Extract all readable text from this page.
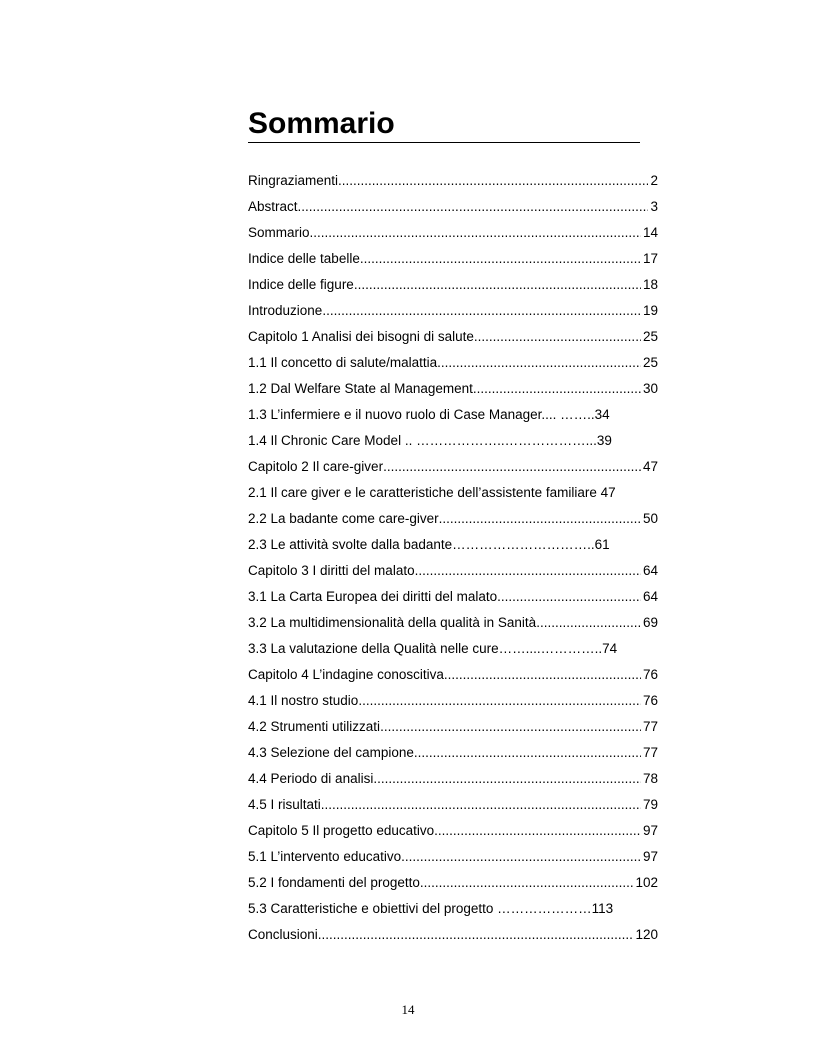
Sommario
Ringraziamenti .....	2
Abstract .....	3
Sommario .....	14
Indice delle tabelle .....	17
Indice delle figure .....	18
Introduzione .....	19
Capitolo 1 Analisi dei bisogni di salute .....	25
1.1 Il concetto di salute/malattia .....	25
1.2 Dal Welfare State al Management .....	30
1.3 L’infermiere e il nuovo ruolo di Case Manager.... ……..34
1.4 Il Chronic Care Model .. ………………..………………...39
Capitolo 2 Il care-giver .....	47
2.1 Il care giver e le caratteristiche dell’assistente familiare 47
2.2 La badante come care-giver .....	50
2.3 Le attività svolte dalla badante…………………………..61
Capitolo 3 I diritti del malato .....	64
3.1 La Carta Europea dei diritti del malato .....	64
3.2 La multidimensionalità della qualità in Sanità .....	69
3.3 La valutazione della Qualità nelle cure……....…………..74
Capitolo 4 L’indagine conoscitiva .....	76
4.1 Il nostro studio .....	76
4.2 Strumenti utilizzati .....	77
4.3 Selezione del campione .....	77
4.4 Periodo di analisi .....	78
4.5 I risultati .....	79
Capitolo 5 Il progetto educativo .....	97
5.1 L’intervento educativo .....	97
5.2 I fondamenti del progetto .....	102
5.3 Caratteristiche e obiettivi del progetto …………………113
Conclusioni .....	120
14
